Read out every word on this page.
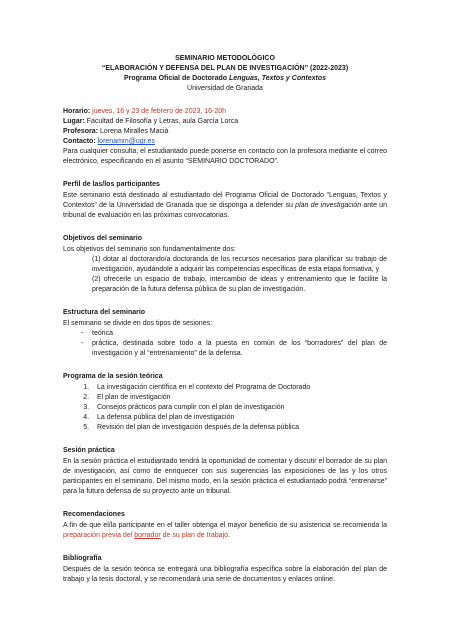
SEMINARIO METODOLÓGICO
“ELABORACIÓN Y DEFENSA DEL PLAN DE INVESTIGACIÓN” (2022-2023)
Programa Oficial de Doctorado Lenguas, Textos y Contextos
Universidad de Granada
Horario: jueves, 16 y 23 de febrero de 2023, 16-20h
Lugar: Facultad de Filosofía y Letras, aula García Lorca
Profesora: Lorena Miralles Macià
Contacto: lorenamm@ugr.es

Para cualquier consulta, el estudiantado puede ponerse en contacto con la profesora mediante el correo electrónico, especificando en el asunto “SEMINARIO DOCTORADO”.

Perfil de las/los participantes

Este seminario está destinado al estudiantado del Programa Oficial de Doctorado “Lenguas, Textos y Contextos” de la Universidad de Granada que se disponga a defender su plan de investigación ante un tribunal de evaluación en las próximas convocatorias.

Objetivos del seminario

Los objetivos del seminario son fundamentalmente dos:

(1) dotar al doctorando/a doctoranda de los recursos necesarios para planificar su trabajo de investigación, ayudándole a adquirir las competencias específicas de esta etapa formativa, y

(2) ofrecerle un espacio de trabajo, intercambio de ideas y entrenamiento que le facilite la preparación de la futura defensa pública de su plan de investigación.

Estructura del seminario

El seminario se divide en dos tipos de sesiones:

- teórica
- práctica, destinada sobre todo a la puesta en común de los “borradores” del plan de investigación y al “entrenamiento” de la defensa.
Programa de la sesión teórica
1. La investigación científica en el contexto del Programa de Doctorado
2. El plan de investigación
3. Consejos prácticos para cumplir con el plan de investigación
4. La defensa pública del plan de investigación
5. Revisión del plan de investigación después de la defensa pública
Sesión práctica

En la sesión práctica el estudiantado tendrá la oportunidad de comentar y discutir el borrador de su plan de investigación, así como de enriquecer con sus sugerencias las exposiciones de las y los otros participantes en el seminario. Del mismo modo, en la sesión práctica el estudiantado podrá “entrenarse” para la futura defensa de su proyecto ante un tribunal.

Recomendaciones

A fin de que el/la participante en el taller obtenga el mayor beneficio de su asistencia se recomienda la preparación previa del borrador de su plan de trabajo.

Bibliografía

Después de la sesión teórica se entregará una bibliografía específica sobre la elaboración del plan de trabajo y la tesis doctoral, y se recomendará una serie de documentos y enlaces online.
